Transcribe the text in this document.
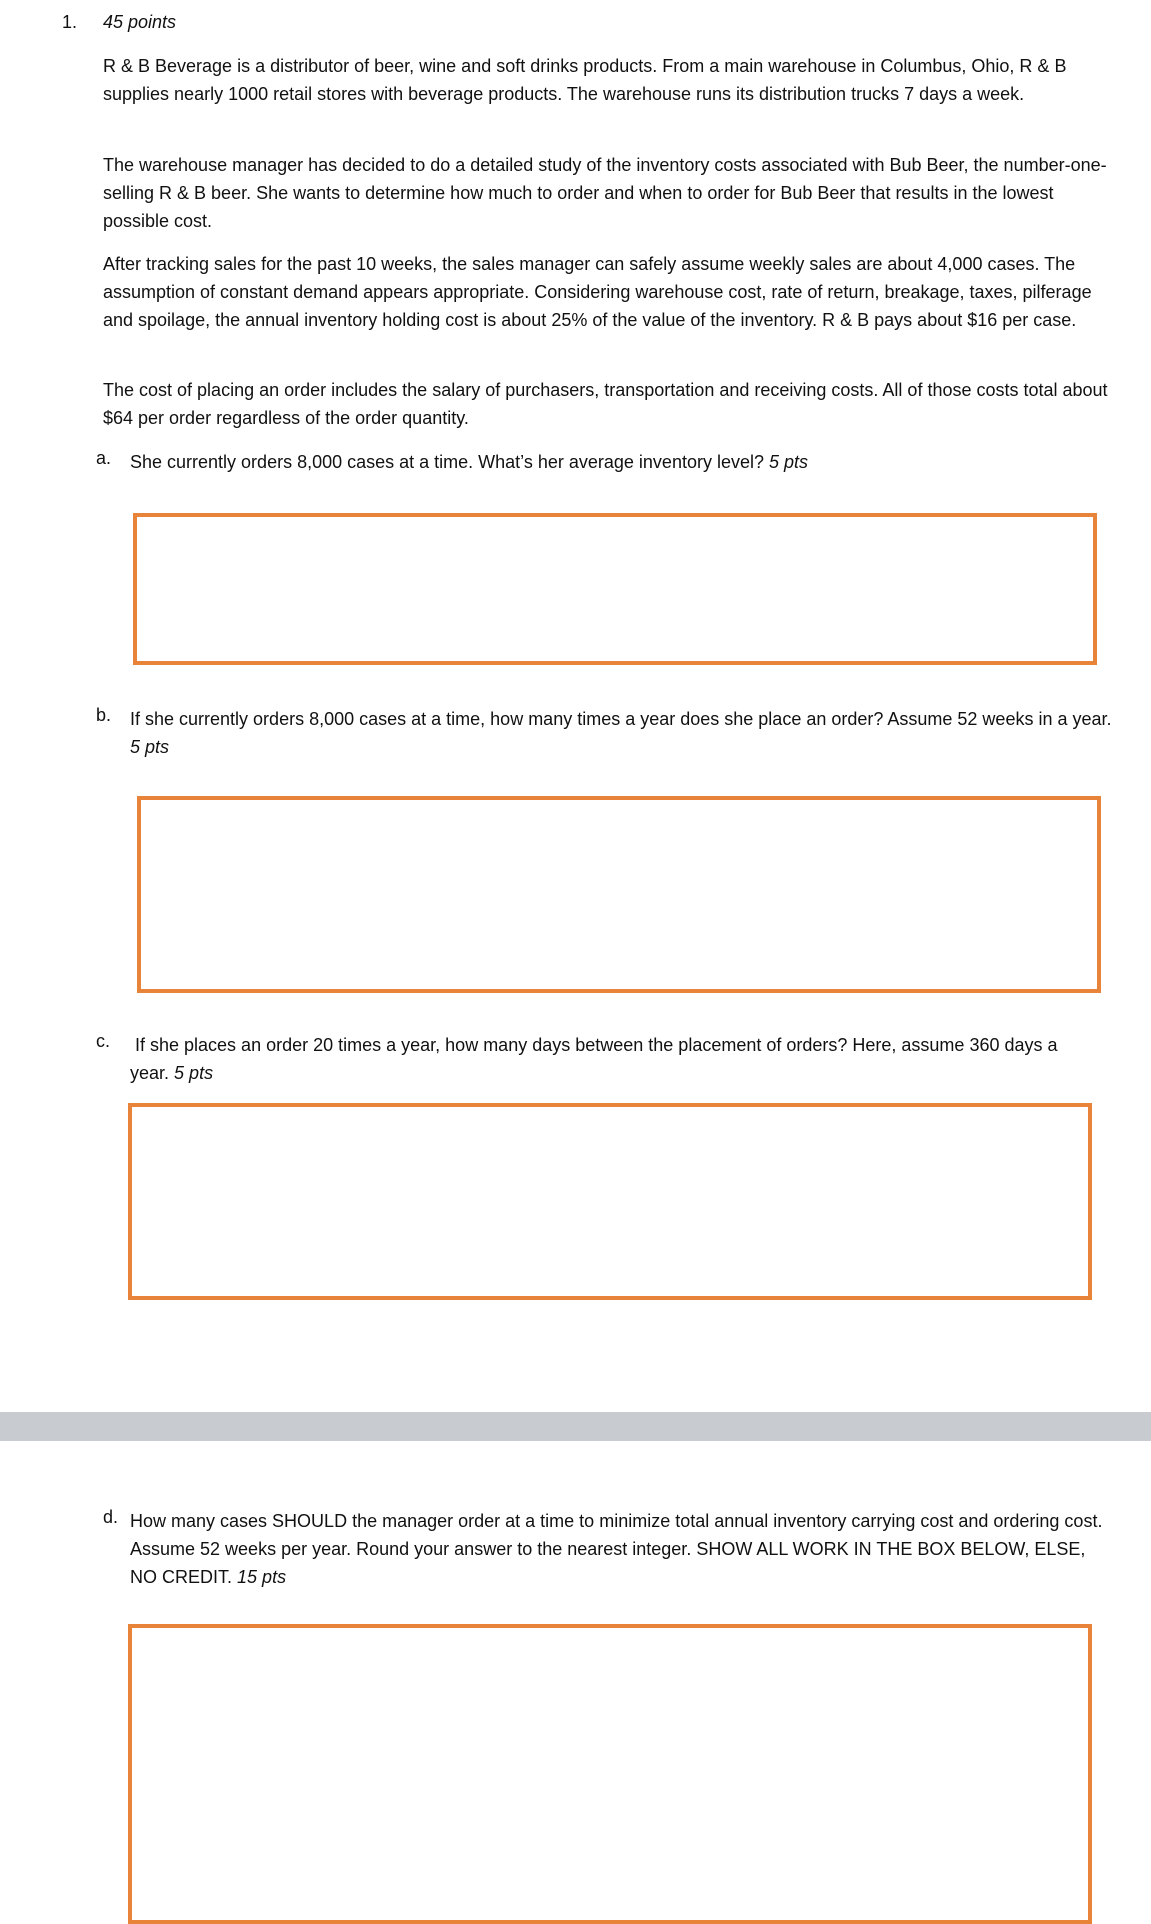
1. 45 points

R & B Beverage is a distributor of beer, wine and soft drinks products. From a main warehouse in Columbus, Ohio, R & B supplies nearly 1000 retail stores with beverage products. The warehouse runs its distribution trucks 7 days a week.

The warehouse manager has decided to do a detailed study of the inventory costs associated with Bub Beer, the number-one-selling R & B beer. She wants to determine how much to order and when to order for Bub Beer that results in the lowest possible cost.

After tracking sales for the past 10 weeks, the sales manager can safely assume weekly sales are about 4,000 cases. The assumption of constant demand appears appropriate. Considering warehouse cost, rate of return, breakage, taxes, pilferage and spoilage, the annual inventory holding cost is about 25% of the value of the inventory. R & B pays about $16 per case.

The cost of placing an order includes the salary of purchasers, transportation and receiving costs. All of those costs total about $64 per order regardless of the order quantity.

a. She currently orders 8,000 cases at a time. What’s her average inventory level? 5 pts
b. If she currently orders 8,000 cases at a time, how many times a year does she place an order? Assume 52 weeks in a year. 5 pts
c. If she places an order 20 times a year, how many days between the placement of orders? Here, assume 360 days a year. 5 pts
d. How many cases SHOULD the manager order at a time to minimize total annual inventory carrying cost and ordering cost. Assume 52 weeks per year. Round your answer to the nearest integer. SHOW ALL WORK IN THE BOX BELOW, ELSE, NO CREDIT. 15 pts
